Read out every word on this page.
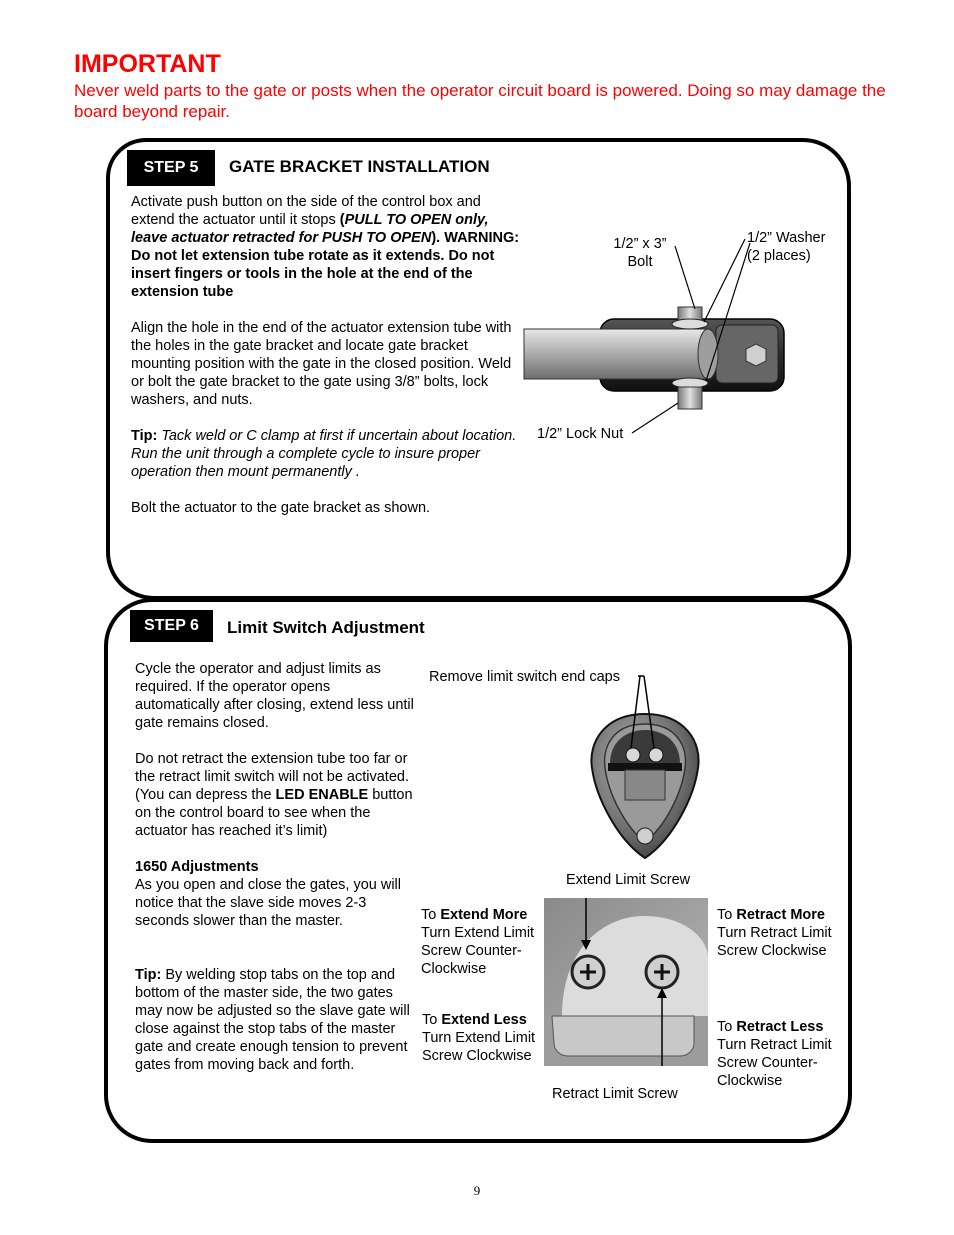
IMPORTANT
Never weld parts to the gate or posts when the operator circuit board is powered. Doing so may damage the board beyond repair.
STEP 5	GATE BRACKET INSTALLATION

Activate push button on the side of the control box and extend the actuator until it stops (PULL TO OPEN only, leave actuator retracted for PUSH TO OPEN). WARNING: Do not let extension tube rotate as it extends. Do not insert fingers or tools in the hole at the end of the extension tube

Align the hole in the end of the actuator extension tube with the holes in the gate bracket and locate gate bracket mounting position with the gate in the closed position. Weld or bolt the gate bracket to the gate using 3/8” bolts, lock washers, and nuts.

Tip: Tack weld or C clamp at first if uncertain about location. Run the unit through a complete cycle to insure proper operation then mount permanently .

Bolt the actuator to the gate bracket as shown.

1/2” x 3”
Bolt
1/2” Washer
(2 places)
1/2” Lock Nut
STEP 6	Limit Switch Adjustment

Cycle the operator and adjust limits as required. If the operator opens automatically after closing, extend less until gate remains closed.

Do not retract the extension tube too far or the retract limit switch will not be activated. (You can depress the LED ENABLE button on the control board to see when the actuator has reached it’s limit)

1650 Adjustments
As you open and close the gates, you will notice that the slave side moves 2-3 seconds slower than the master.

Tip: By welding stop tabs on the top and bottom of the master side, the two gates may now be adjusted so the slave gate will close against the stop tabs of the master gate and create enough tension to prevent gates from moving back and forth.

Remove limit switch end caps
Extend Limit Screw
Retract Limit Screw
To Extend More
Turn Extend Limit Screw Counter-Clockwise
To Extend Less
Turn Extend Limit Screw Clockwise
To Retract More
Turn Retract Limit Screw Clockwise
To Retract Less
Turn Retract Limit Screw Counter-Clockwise
9
